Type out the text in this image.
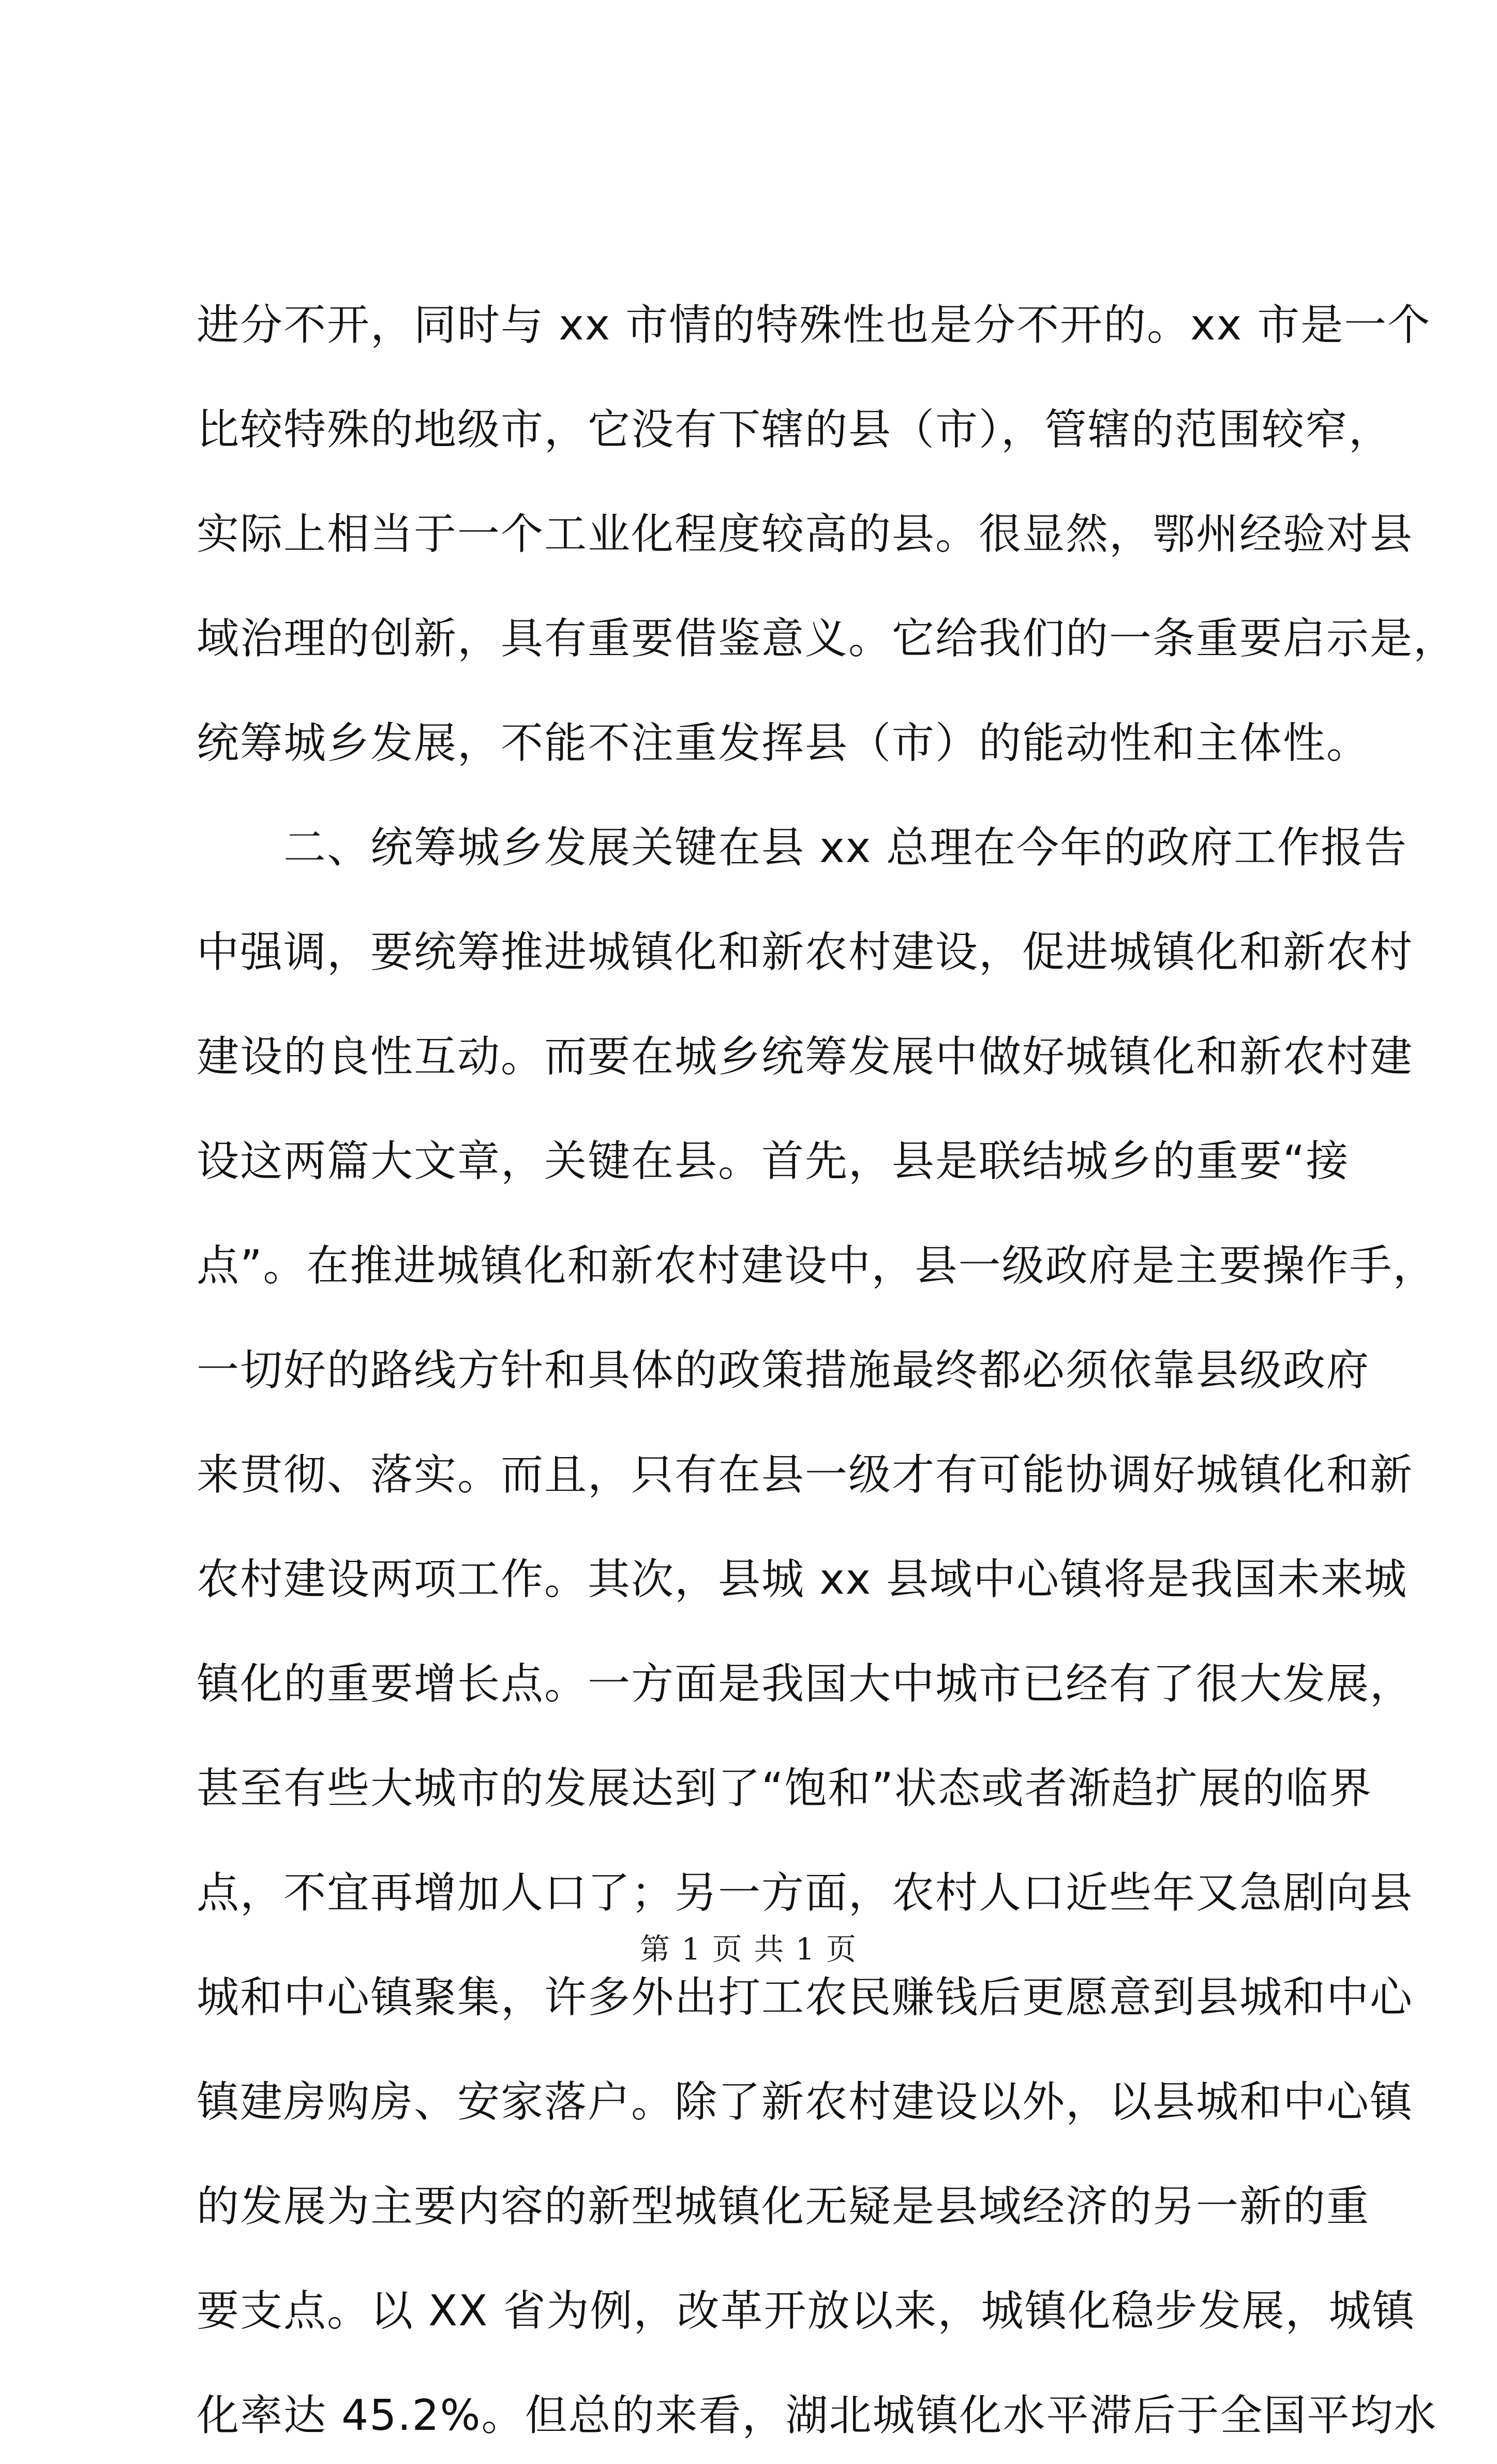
进分不开，同时与 xx 市情的特殊性也是分不开的。xx 市是一个
比较特殊的地级市，它没有下辖的县（市），管辖的范围较窄，
实际上相当于一个工业化程度较高的县。很显然，鄂州经验对县
域治理的创新，具有重要借鉴意义。它给我们的一条重要启示是，
统筹城乡发展，不能不注重发挥县（市）的能动性和主体性。
　　二、统筹城乡发展关键在县 xx 总理在今年的政府工作报告
中强调，要统筹推进城镇化和新农村建设，促进城镇化和新农村
建设的良性互动。而要在城乡统筹发展中做好城镇化和新农村建
设这两篇大文章，关键在县。首先，县是联结城乡的重要“接
点”。在推进城镇化和新农村建设中，县一级政府是主要操作手，
一切好的路线方针和具体的政策措施最终都必须依靠县级政府
来贯彻、落实。而且，只有在县一级才有可能协调好城镇化和新
农村建设两项工作。其次，县城 xx 县域中心镇将是我国未来城
镇化的重要增长点。一方面是我国大中城市已经有了很大发展，
甚至有些大城市的发展达到了“饱和”状态或者渐趋扩展的临界
点，不宜再增加人口了；另一方面，农村人口近些年又急剧向县
城和中心镇聚集，许多外出打工农民赚钱后更愿意到县城和中心
镇建房购房、安家落户。除了新农村建设以外，以县城和中心镇
的发展为主要内容的新型城镇化无疑是县域经济的另一新的重
要支点。以 XX 省为例，改革开放以来，城镇化稳步发展，城镇
化率达 45.2%。但总的来看，湖北城镇化水平滞后于全国平均水
第 1 页 共 1 页
